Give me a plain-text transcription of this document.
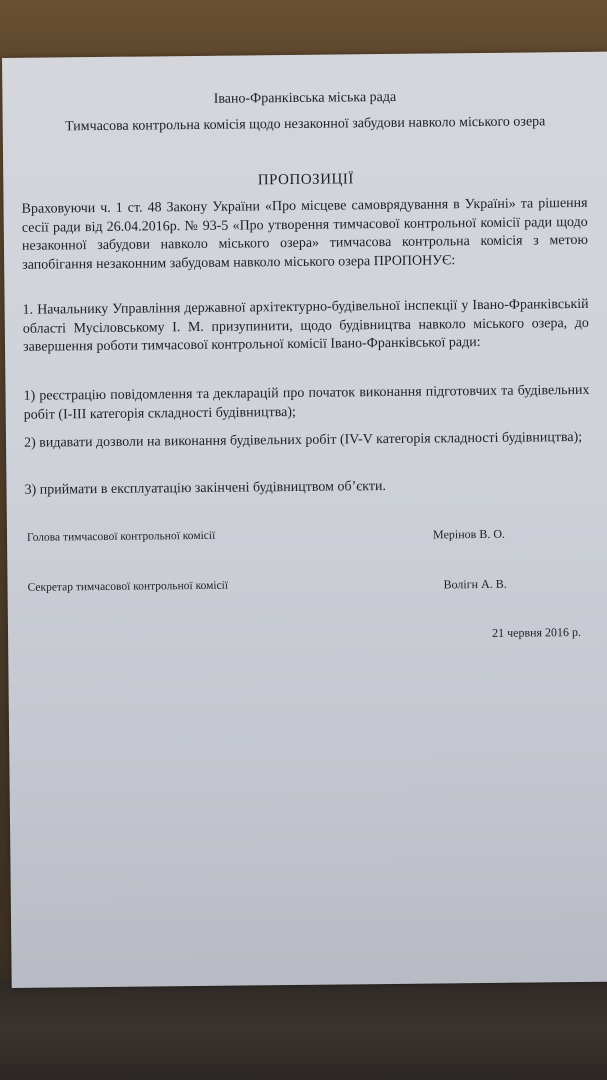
Івано-Франківська міська рада
Тимчасова контрольна комісія щодо незаконної забудови навколо міського озера
ПРОПОЗИЦІЇ
Враховуючи ч. 1 ст. 48 Закону України «Про місцеве самоврядування в Україні» та рішення сесії ради від 26.04.2016р. № 93-5 «Про утворення тимчасової контрольної комісії ради щодо незаконної забудови навколо міського озера» тимчасова контрольна комісія з метою запобігання незаконним забудовам навколо міського озера ПРОПОНУЄ:
1. Начальнику Управління державної архітектурно-будівельної інспекції у Івано-Франківській області Мусіловському І. М. призупинити, щодо будівництва навколо міського озера, до завершення роботи тимчасової контрольної комісії Івано-Франківської ради:
1) реєстрацію повідомлення та декларацій про початок виконання підготовчих та будівельних робіт (І-ІІІ категорія складності будівництва);
2) видавати дозволи на виконання будівельних робіт (IV-V категорія складності будівництва);
3) приймати в експлуатацію закінчені будівництвом об’єкти.
Голова тимчасової контрольної комісії	Мерінов В. О.
Секретар тимчасової контрольної комісії	Волігн А. В.
21 червня 2016 р.
